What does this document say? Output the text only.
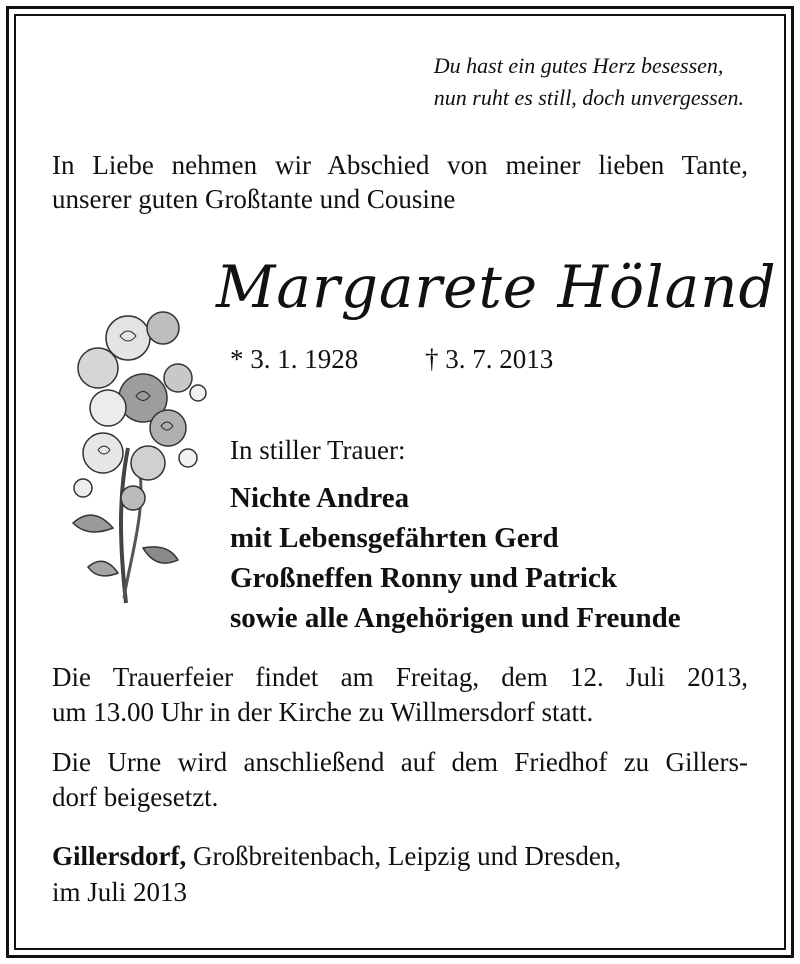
Du hast ein gutes Herz besessen,
nun ruht es still, doch unvergessen.
In Liebe nehmen wir Abschied von meiner lieben Tante,
unserer guten Großtante und Cousine
Margarete Höland
* 3. 1. 1928 † 3. 7. 2013
In stiller Trauer:
Nichte Andrea
mit Lebensgefährten Gerd
Großneffen Ronny und Patrick
sowie alle Angehörigen und Freunde
Die Trauerfeier findet am Freitag, dem 12. Juli 2013,
um 13.00 Uhr in der Kirche zu Willmersdorf statt.
Die Urne wird anschließend auf dem Friedhof zu Gillers-
dorf beigesetzt.
Gillersdorf, Großbreitenbach, Leipzig und Dresden,
im Juli 2013
